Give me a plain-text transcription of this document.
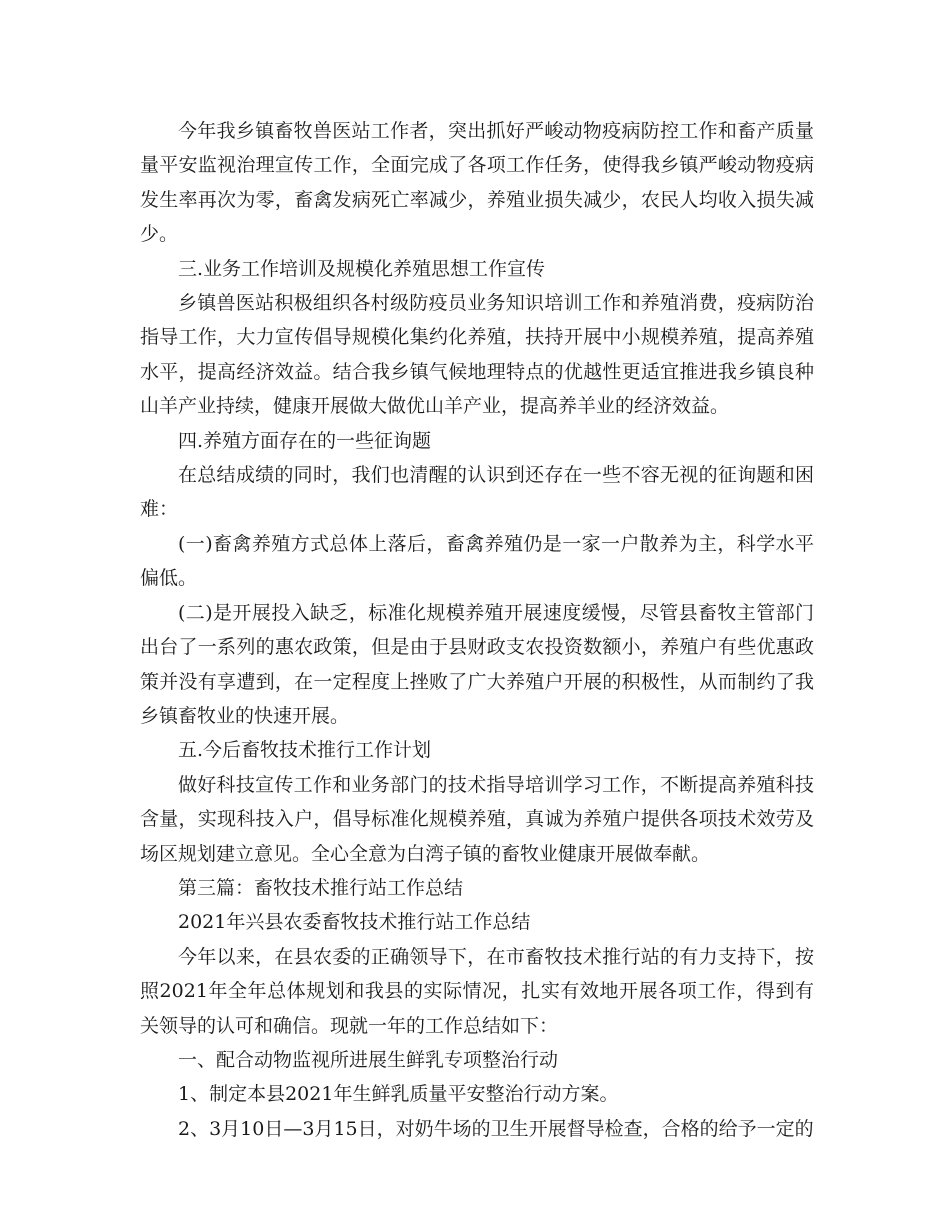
今年我乡镇畜牧兽医站工作者，突出抓好严峻动物疫病防控工作和畜产质量量平安监视治理宣传工作，全面完成了各项工作任务，使得我乡镇严峻动物疫病发生率再次为零，畜禽发病死亡率减少，养殖业损失减少，农民人均收入损失减少。

三.业务工作培训及规模化养殖思想工作宣传

乡镇兽医站积极组织各村级防疫员业务知识培训工作和养殖消费，疫病防治指导工作，大力宣传倡导规模化集约化养殖，扶持开展中小规模养殖，提高养殖水平，提高经济效益。结合我乡镇气候地理特点的优越性更适宜推进我乡镇良种山羊产业持续，健康开展做大做优山羊产业，提高养羊业的经济效益。

四.养殖方面存在的一些征询题

在总结成绩的同时，我们也清醒的认识到还存在一些不容无视的征询题和困难：

(一)畜禽养殖方式总体上落后，畜禽养殖仍是一家一户散养为主，科学水平偏低。

(二)是开展投入缺乏，标准化规模养殖开展速度缓慢，尽管县畜牧主管部门出台了一系列的惠农政策，但是由于县财政支农投资数额小，养殖户有些优惠政策并没有享遭到，在一定程度上挫败了广大养殖户开展的积极性，从而制约了我乡镇畜牧业的快速开展。

五.今后畜牧技术推行工作计划

做好科技宣传工作和业务部门的技术指导培训学习工作，不断提高养殖科技含量，实现科技入户，倡导标准化规模养殖，真诚为养殖户提供各项技术效劳及场区规划建立意见。全心全意为白湾子镇的畜牧业健康开展做奉献。

第三篇：畜牧技术推行站工作总结

2021年兴县农委畜牧技术推行站工作总结

今年以来，在县农委的正确领导下，在市畜牧技术推行站的有力支持下，按照2021年全年总体规划和我县的实际情况，扎实有效地开展各项工作，得到有关领导的认可和确信。现就一年的工作总结如下：

一、配合动物监视所进展生鲜乳专项整治行动

1、制定本县2021年生鲜乳质量平安整治行动方案。

2、3月10日—3月15日，对奶牛场的卫生开展督导检查，合格的给予一定的
